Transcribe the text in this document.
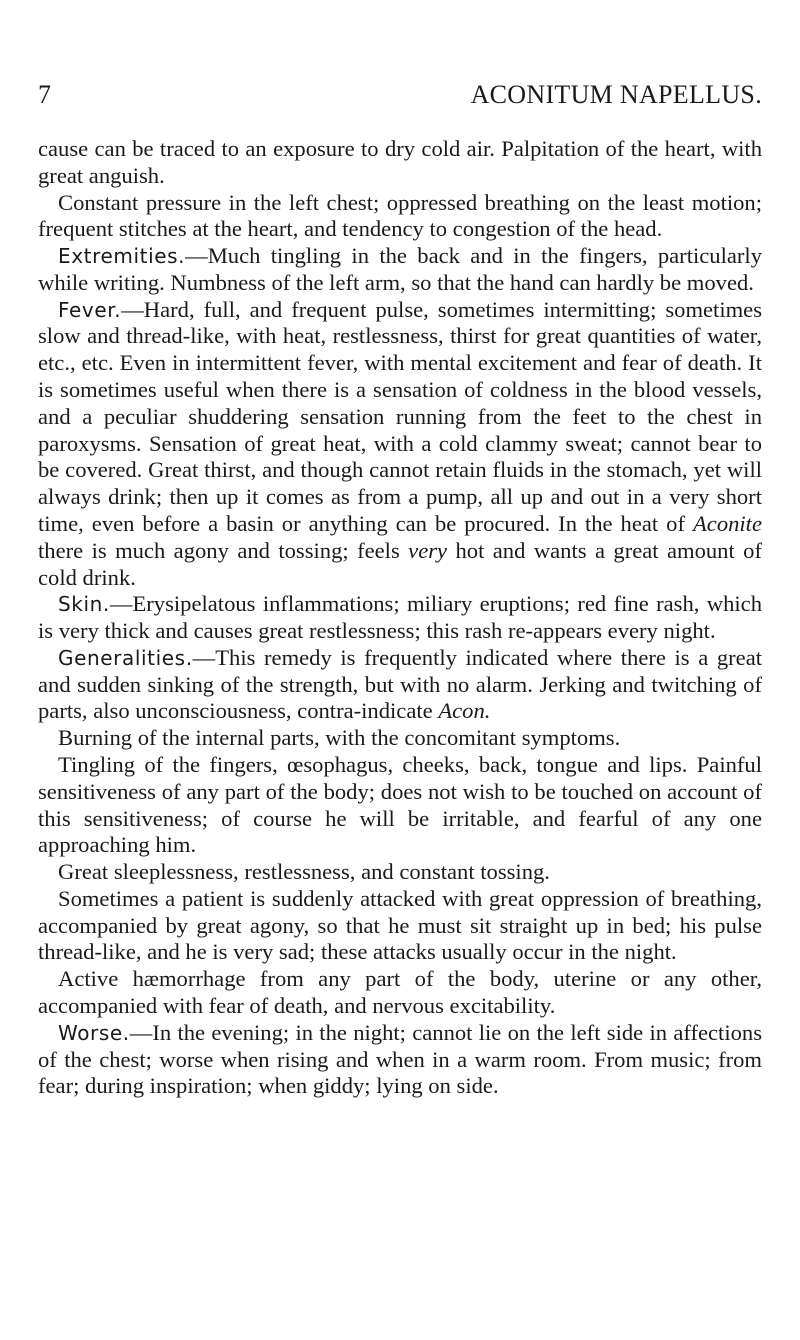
7	ACONITUM NAPELLUS.

cause can be traced to an exposure to dry cold air. Palpitation of the heart, with great anguish.

Constant pressure in the left chest; oppressed breathing on the least motion; frequent stitches at the heart, and tendency to congestion of the head.

Extremities.—Much tingling in the back and in the fingers, particularly while writing. Numbness of the left arm, so that the hand can hardly be moved.

Fever.—Hard, full, and frequent pulse, sometimes intermitting; sometimes slow and thread-like, with heat, restlessness, thirst for great quantities of water, etc., etc. Even in intermittent fever, with mental excitement and fear of death. It is sometimes useful when there is a sensation of coldness in the blood vessels, and a peculiar shuddering sensation running from the feet to the chest in paroxysms. Sensation of great heat, with a cold clammy sweat; cannot bear to be covered. Great thirst, and though cannot retain fluids in the stomach, yet will always drink; then up it comes as from a pump, all up and out in a very short time, even before a basin or anything can be procured. In the heat of Aconite there is much agony and tossing; feels very hot and wants a great amount of cold drink.

Skin.—Erysipelatous inflammations; miliary eruptions; red fine rash, which is very thick and causes great restlessness; this rash re-appears every night.

Generalities.—This remedy is frequently indicated where there is a great and sudden sinking of the strength, but with no alarm. Jerking and twitching of parts, also unconsciousness, contra-indicate Acon.

Burning of the internal parts, with the concomitant symptoms.

Tingling of the fingers, œsophagus, cheeks, back, tongue and lips. Painful sensitiveness of any part of the body; does not wish to be touched on account of this sensitiveness; of course he will be irritable, and fearful of any one approaching him.

Great sleeplessness, restlessness, and constant tossing.

Sometimes a patient is suddenly attacked with great oppression of breathing, accompanied by great agony, so that he must sit straight up in bed; his pulse thread-like, and he is very sad; these attacks usually occur in the night.

Active hæmorrhage from any part of the body, uterine or any other, accompanied with fear of death, and nervous excitability.

Worse.—In the evening; in the night; cannot lie on the left side in affections of the chest; worse when rising and when in a warm room. From music; from fear; during inspiration; when giddy; lying on side.
